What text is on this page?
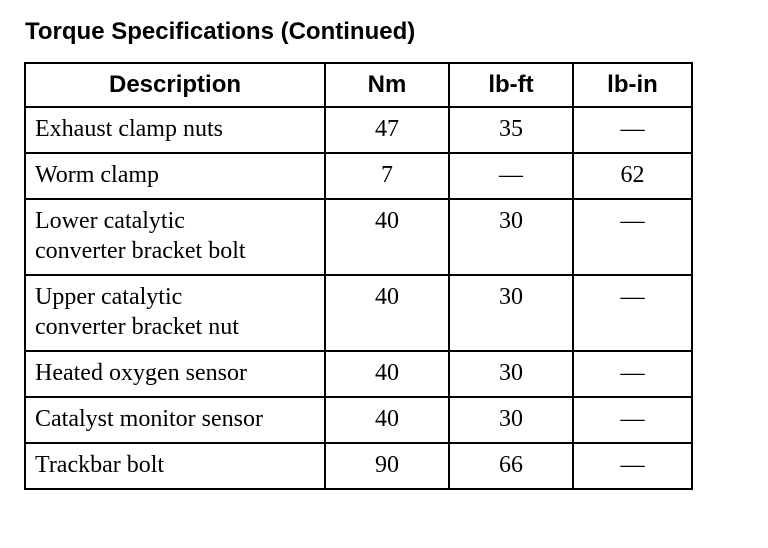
Torque Specifications (Continued)
Description	Nm	lb-ft	lb-in
Exhaust clamp nuts	47	35	—
Worm clamp	7	—	62
Lower catalytic
converter bracket bolt	40	30	—
Upper catalytic
converter bracket nut	40	30	—
Heated oxygen sensor	40	30	—
Catalyst monitor sensor	40	30	—
Trackbar bolt	90	66	—
